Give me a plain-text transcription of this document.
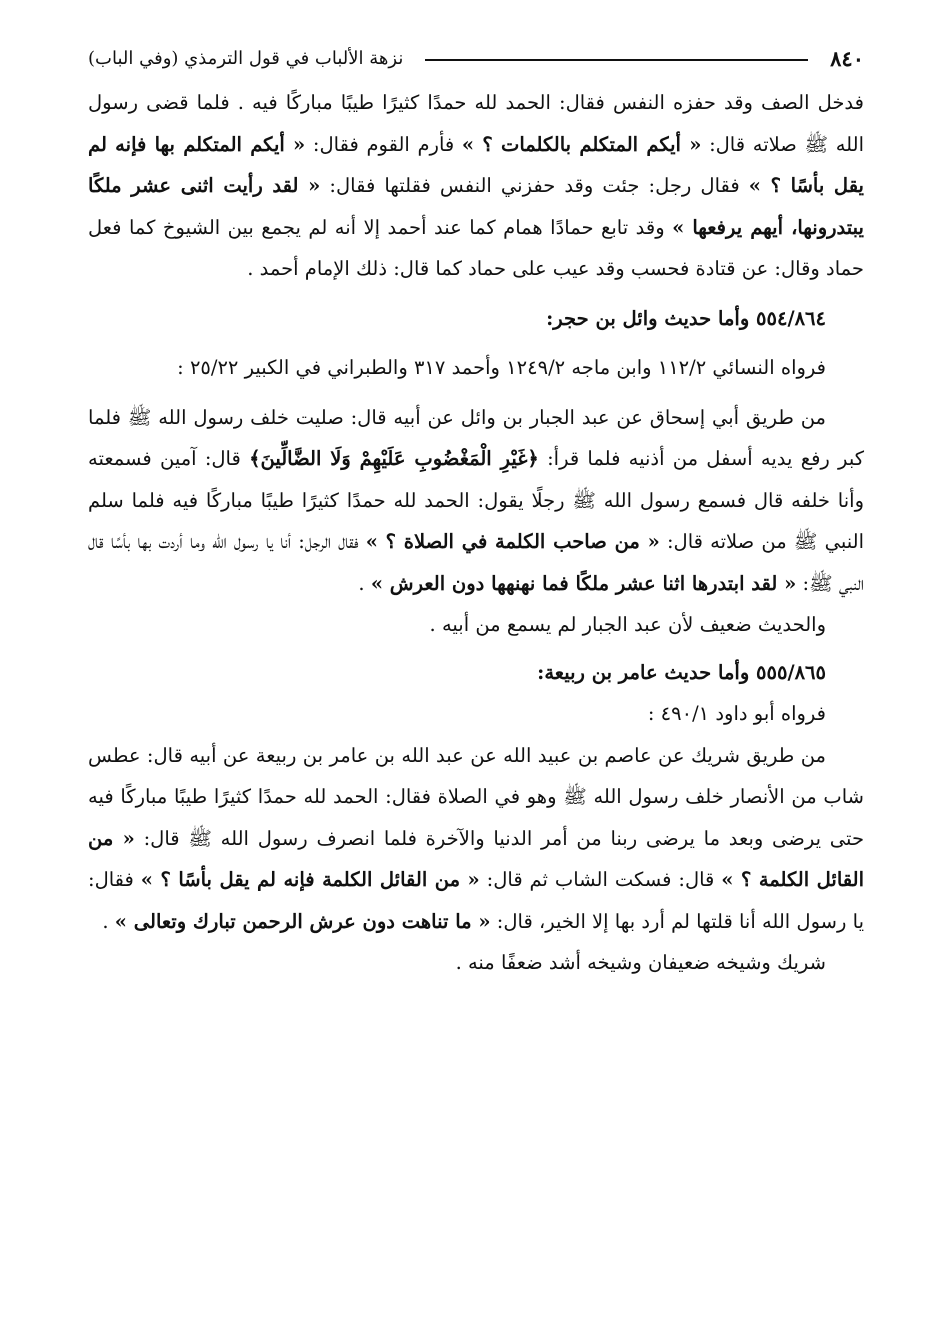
٨٤٠
نزهة الألباب في قول الترمذي (وفي الباب)

فدخل الصف وقد حفزه النفس فقال: الحمد لله حمدًا كثيرًا طيبًا مباركًا فيه . فلما قضى رسول الله ﷺ صلاته قال: « أيكم المتكلم بالكلمات ؟ » فأرم القوم فقال: « أيكم المتكلم بها فإنه لم يقل بأسًا ؟ » فقال رجل: جئت وقد حفزني النفس فقلتها فقال: « لقد رأيت اثنى عشر ملكًا يبتدرونها، أيهم يرفعها » وقد تابع حمادًا همام كما عند أحمد إلا أنه لم يجمع بين الشيوخ كما فعل حماد وقال: عن قتادة فحسب وقد عيب على حماد كما قال: ذلك الإمام أحمد .

٥٥٤/٨٦٤ وأما حديث وائل بن حجر:

فرواه النسائي ١١٢/٢ وابن ماجه ١٢٤٩/٢ وأحمد ٣١٧ والطبراني في الكبير ٢٥/٢٢ :

من طريق أبي إسحاق عن عبد الجبار بن وائل عن أبيه قال: صليت خلف رسول الله ﷺ فلما كبر رفع يديه أسفل من أذنيه فلما قرأ: ﴿غَيْرِ الْمَغْضُوبِ عَلَيْهِمْ وَلَا الضَّالِّينَ﴾ قال: آمين فسمعته وأنا خلفه قال فسمع رسول الله ﷺ رجلًا يقول: الحمد لله حمدًا كثيرًا طيبًا مباركًا فيه فلما سلم النبي ﷺ من صلاته قال: « من صاحب الكلمة في الصلاة ؟ » فقال الرجل: أنا يا رسول الله وما أردت بها بأسًا قال النبي ﷺ: « لقد ابتدرها اثنا عشر ملكًا فما نهنهها دون العرش » .

والحديث ضعيف لأن عبد الجبار لم يسمع من أبيه .

٥٥٥/٨٦٥ وأما حديث عامر بن ربيعة:

فرواه أبو داود ٤٩٠/١ :

من طريق شريك عن عاصم بن عبيد الله عن عبد الله بن عامر بن ربيعة عن أبيه قال: عطس شاب من الأنصار خلف رسول الله ﷺ وهو في الصلاة فقال: الحمد لله حمدًا كثيرًا طيبًا مباركًا فيه حتى يرضى وبعد ما يرضى ربنا من أمر الدنيا والآخرة فلما انصرف رسول الله ﷺ قال: « من القائل الكلمة ؟ » قال: فسكت الشاب ثم قال: « من القائل الكلمة فإنه لم يقل بأسًا ؟ » فقال: يا رسول الله أنا قلتها لم أرد بها إلا الخير، قال: « ما تناهت دون عرش الرحمن تبارك وتعالى » .

شريك وشيخه ضعيفان وشيخه أشد ضعفًا منه .
